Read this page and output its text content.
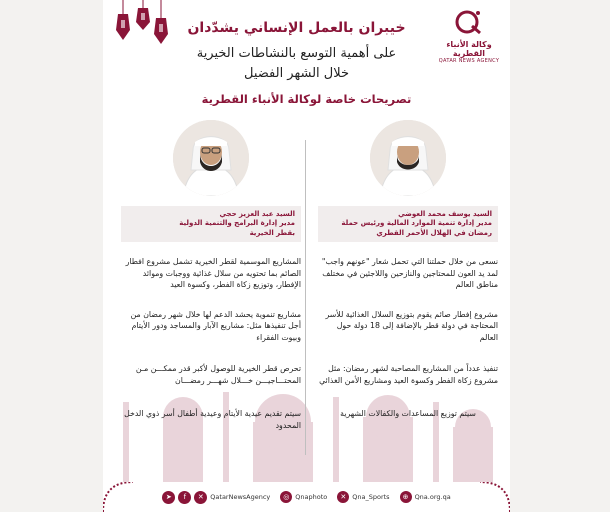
وكالة الأنباء القطرية
QATAR NEWS AGENCY
خيبران بالعمل الإنساني يشدّدان
على أهمية التوسع بالنشاطات الخيرية
خلال الشهر الفضيل
تصريحات خاصة لوكالة الأنباء القطرية
السيد يوسف محمد العوضي
مدير إدارة تنمية الموارد المالية ورئيس حملة
رمضان في الهلال الأحمر القطري
نسعى من خلال حملتنا التي تحمل شعار "عونهم واجب" لمد يد العون للمحتاجين والنازحين واللاجئين في مختلف مناطق العالم
مشروع إفطار صائم يقوم بتوزيع السلال الغذائية للأسر المحتاجة في دولة قطر بالإضافة إلى 18 دولة حول العالم
تنفيذ عدداً من المشاريع المصاحبة لشهر رمضان: مثل مشروع زكاة الفطر وكسوة العيد ومشاريع الأمن الغذائي
سيتم توزيع المساعدات والكفالات الشهرية
السيد عبد العزيز حجي
مدير إدارة البرامج والتنمية الدولية
بقطر الخيرية
المشاريع الموسمية لقطر الخيرية تشمل مشروع افطار الصائم بما تحتويه من سلال غذائية ووجبات وموائد الإفطار، وتوزيع زكاة الفطر، وكسوة العيد
مشاريع تنموية يحشد الدعم لها خلال شهر رمضان من أجل تنفيذها مثل: مشاريع الآبار والمساجد ودور الأيتام وبيوت الفقراء
تحرص قطر الخيرية للوصول لأكبر قدر ممكـــن مـن المحتـــاجيـــن خـــلال شهـــر رمضـــان
سيتم تقديم عيدية الأيتام وعيدية أطفال أسر ذوي الدخل المحدود
➤	f	✕	QatarNewsAgency	◎ Qnaphoto	✕ Qna_Sports	⊕ Qna.org.qa
